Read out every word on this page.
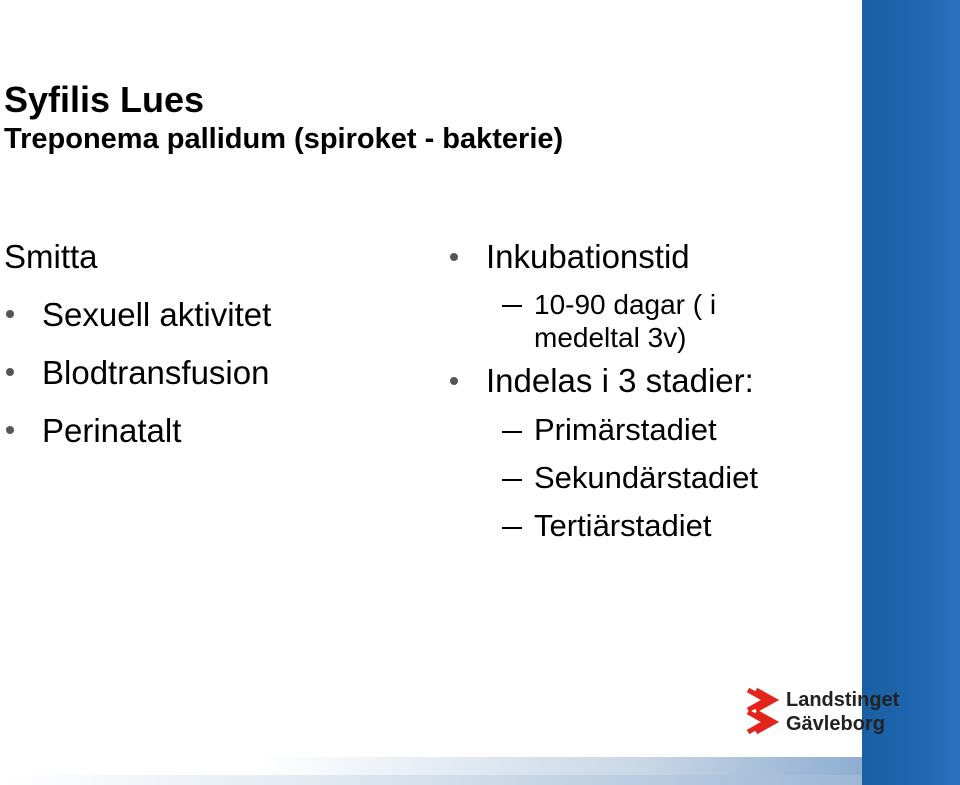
Syfilis Lues
Treponema pallidum (spiroket - bakterie)
Smitta
Sexuell aktivitet
Blodtransfusion
Perinatalt
Inkubationstid
10-90 dagar ( i
medeltal 3v)
Indelas i 3 stadier:
Primärstadiet
Sekundärstadiet
Tertiärstadiet
Landstinget
Gävleborg
